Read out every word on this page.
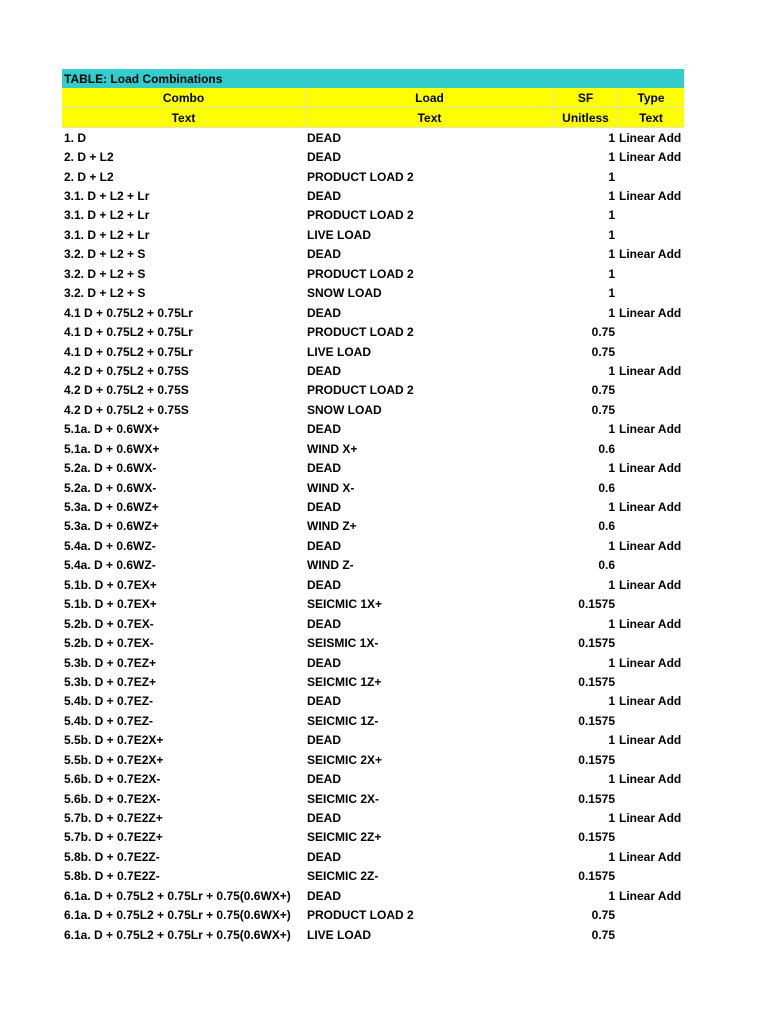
TABLE: Load Combinations
Combo	Load	SF	Type
Text	Text	Unitless	Text
1. D	DEAD	1 Linear Add
2. D + L2	DEAD	1 Linear Add
2. D + L2	PRODUCT LOAD 2	1
3.1. D + L2 + Lr	DEAD	1 Linear Add
3.1. D + L2 + Lr	PRODUCT LOAD 2	1
3.1. D + L2 + Lr	LIVE LOAD	1
3.2. D + L2 + S	DEAD	1 Linear Add
3.2. D + L2 + S	PRODUCT LOAD 2	1
3.2. D + L2 + S	SNOW LOAD	1
4.1 D + 0.75L2 + 0.75Lr	DEAD	1 Linear Add
4.1 D + 0.75L2 + 0.75Lr	PRODUCT LOAD 2	0.75
4.1 D + 0.75L2 + 0.75Lr	LIVE LOAD	0.75
4.2 D + 0.75L2 + 0.75S	DEAD	1 Linear Add
4.2 D + 0.75L2 + 0.75S	PRODUCT LOAD 2	0.75
4.2 D + 0.75L2 + 0.75S	SNOW LOAD	0.75
5.1a. D + 0.6WX+	DEAD	1 Linear Add
5.1a. D + 0.6WX+	WIND X+	0.6
5.2a. D + 0.6WX-	DEAD	1 Linear Add
5.2a. D + 0.6WX-	WIND X-	0.6
5.3a. D + 0.6WZ+	DEAD	1 Linear Add
5.3a. D + 0.6WZ+	WIND Z+	0.6
5.4a. D + 0.6WZ-	DEAD	1 Linear Add
5.4a. D + 0.6WZ-	WIND Z-	0.6
5.1b. D + 0.7EX+	DEAD	1 Linear Add
5.1b. D + 0.7EX+	SEICMIC 1X+	0.1575
5.2b. D + 0.7EX-	DEAD	1 Linear Add
5.2b. D + 0.7EX-	SEISMIC 1X-	0.1575
5.3b. D + 0.7EZ+	DEAD	1 Linear Add
5.3b. D + 0.7EZ+	SEICMIC 1Z+	0.1575
5.4b. D + 0.7EZ-	DEAD	1 Linear Add
5.4b. D + 0.7EZ-	SEICMIC 1Z-	0.1575
5.5b. D + 0.7E2X+	DEAD	1 Linear Add
5.5b. D + 0.7E2X+	SEICMIC 2X+	0.1575
5.6b. D + 0.7E2X-	DEAD	1 Linear Add
5.6b. D + 0.7E2X-	SEICMIC 2X-	0.1575
5.7b. D + 0.7E2Z+	DEAD	1 Linear Add
5.7b. D + 0.7E2Z+	SEICMIC 2Z+	0.1575
5.8b. D + 0.7E2Z-	DEAD	1 Linear Add
5.8b. D + 0.7E2Z-	SEICMIC 2Z-	0.1575
6.1a. D + 0.75L2 + 0.75Lr + 0.75(0.6WX+)	DEAD	1 Linear Add
6.1a. D + 0.75L2 + 0.75Lr + 0.75(0.6WX+)	PRODUCT LOAD 2	0.75
6.1a. D + 0.75L2 + 0.75Lr + 0.75(0.6WX+)	LIVE LOAD	0.75
